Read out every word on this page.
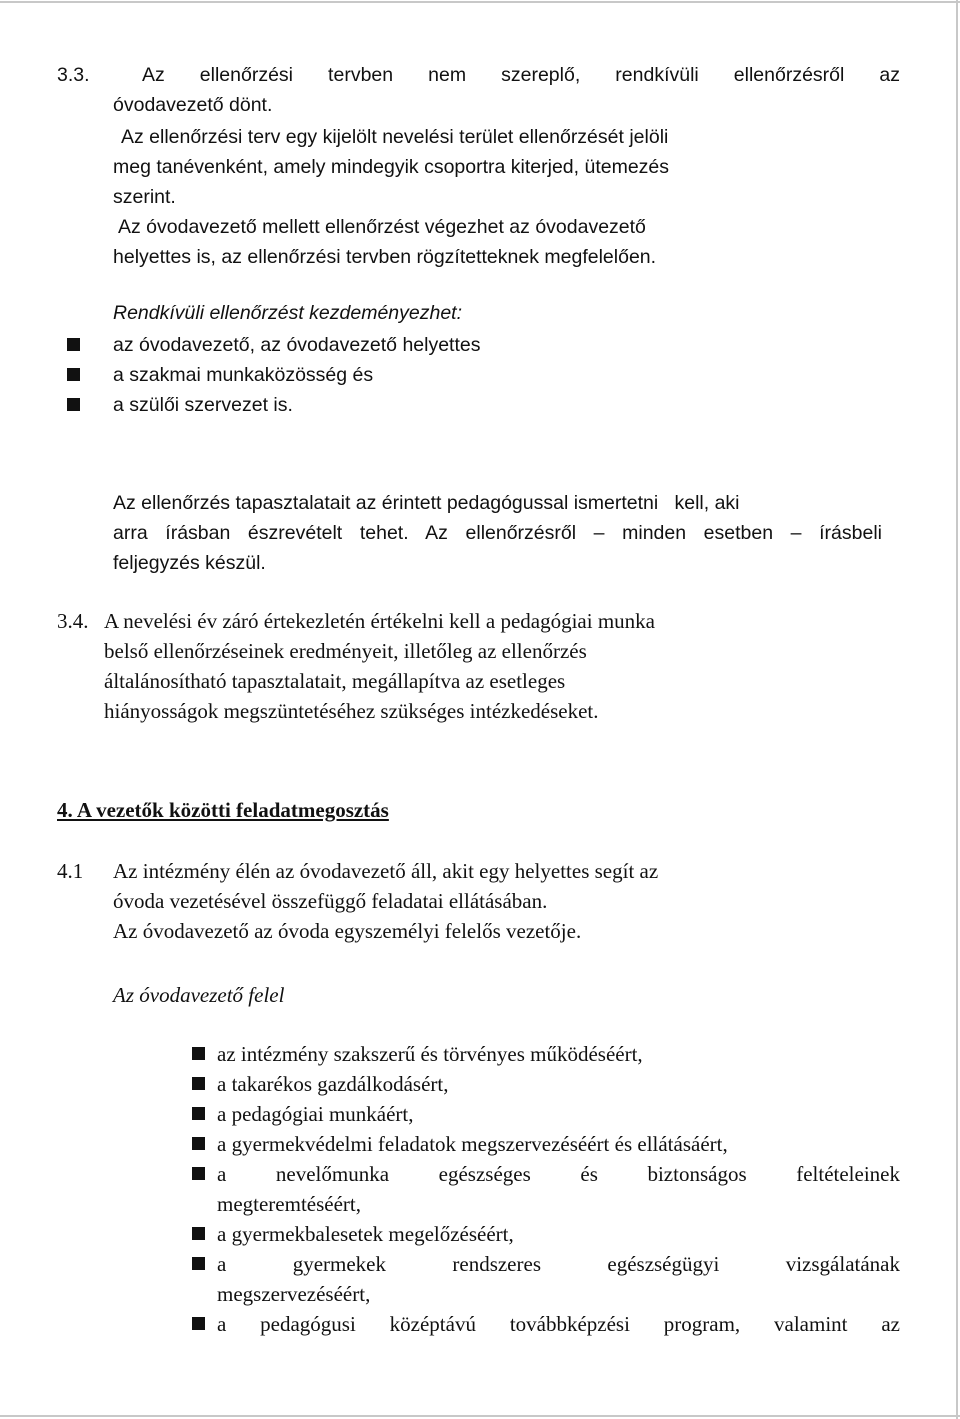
3.3.	Az ellenőrzési tervben nem szereplő, rendkívüli ellenőrzésről az
óvodavezető dönt.
Az ellenőrzési terv egy kijelölt nevelési terület ellenőrzését jelöli
meg tanévenként, amely mindegyik csoportra kiterjed, ütemezés
szerint.
Az óvodavezető mellett ellenőrzést végezhet az óvodavezető
helyettes is, az ellenőrzési tervben rögzítetteknek megfelelően.
Rendkívüli ellenőrzést kezdeményezhet:
az óvodavezető, az óvodavezető helyettes
a szakmai munkaközösség és
a szülői szervezet is.
Az ellenőrzés tapasztalatait az érintett pedagógussal ismertetni   kell, aki
arra írásban észrevételt tehet. Az ellenőrzésről – minden esetben – írásbeli
feljegyzés készül.
3.4. A nevelési év záró értekezletén értékelni kell a pedagógiai munka
belső ellenőrzéseinek eredményeit, illetőleg az ellenőrzés
általánosítható tapasztalatait, megállapítva az esetleges
hiányosságok megszüntetéséhez szükséges intézkedéseket.
4. A vezetők közötti feladatmegosztás
4.1 Az intézmény élén az óvodavezető áll, akit egy helyettes segít az
óvoda vezetésével összefüggő feladatai ellátásában.
Az óvodavezető az óvoda egyszemélyi felelős vezetője.
Az óvodavezető felel
az intézmény szakszerű és törvényes működéséért,
a takarékos gazdálkodásért,
a pedagógiai munkáért,
a gyermekvédelmi feladatok megszervezéséért és ellátásáért,
a nevelőmunka egészséges és biztonságos feltételeinek
megteremtéséért,
a gyermekbalesetek megelőzéséért,
a gyermekek rendszeres egészségügyi vizsgálatának
megszervezéséért,
a pedagógusi középtávú továbbképzési program, valamint az
